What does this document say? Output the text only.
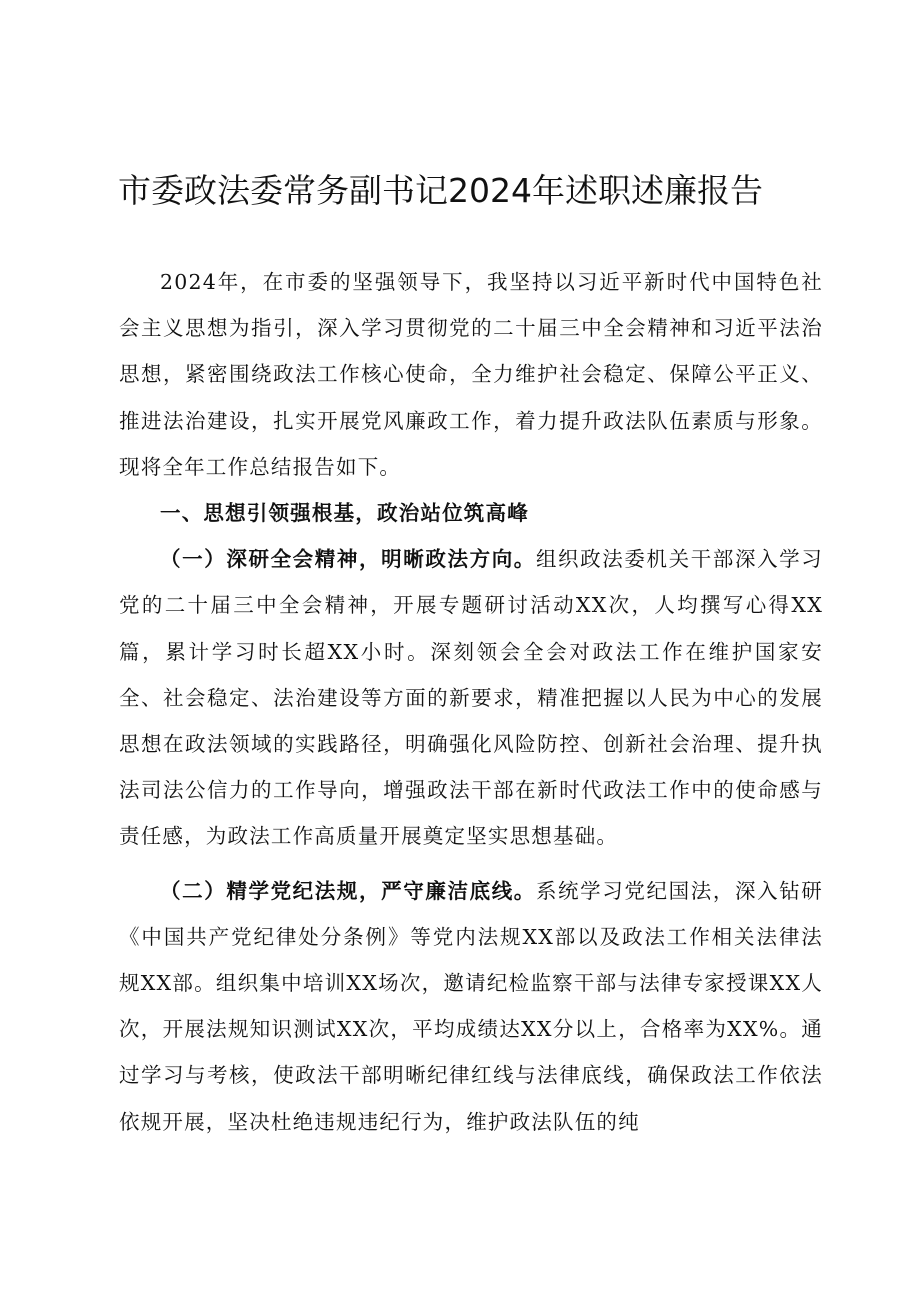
市委政法委常务副书记2024年述职述廉报告

2024年，在市委的坚强领导下，我坚持以习近平新时代中国特色社会主义思想为指引，深入学习贯彻党的二十届三中全会精神和习近平法治思想，紧密围绕政法工作核心使命，全力维护社会稳定、保障公平正义、推进法治建设，扎实开展党风廉政工作，着力提升政法队伍素质与形象。现将全年工作总结报告如下。

一、思想引领强根基，政治站位筑高峰

（一）深研全会精神，明晰政法方向。组织政法委机关干部深入学习党的二十届三中全会精神，开展专题研讨活动XX次，人均撰写心得XX篇，累计学习时长超XX小时。深刻领会全会对政法工作在维护国家安全、社会稳定、法治建设等方面的新要求，精准把握以人民为中心的发展思想在政法领域的实践路径，明确强化风险防控、创新社会治理、提升执法司法公信力的工作导向，增强政法干部在新时代政法工作中的使命感与责任感，为政法工作高质量开展奠定坚实思想基础。

（二）精学党纪法规，严守廉洁底线。系统学习党纪国法，深入钻研《中国共产党纪律处分条例》等党内法规XX部以及政法工作相关法律法规XX部。组织集中培训XX场次，邀请纪检监察干部与法律专家授课XX人次，开展法规知识测试XX次，平均成绩达XX分以上，合格率为XX%。通过学习与考核，使政法干部明晰纪律红线与法律底线，确保政法工作依法依规开展，坚决杜绝违规违纪行为，维护政法队伍的纯
